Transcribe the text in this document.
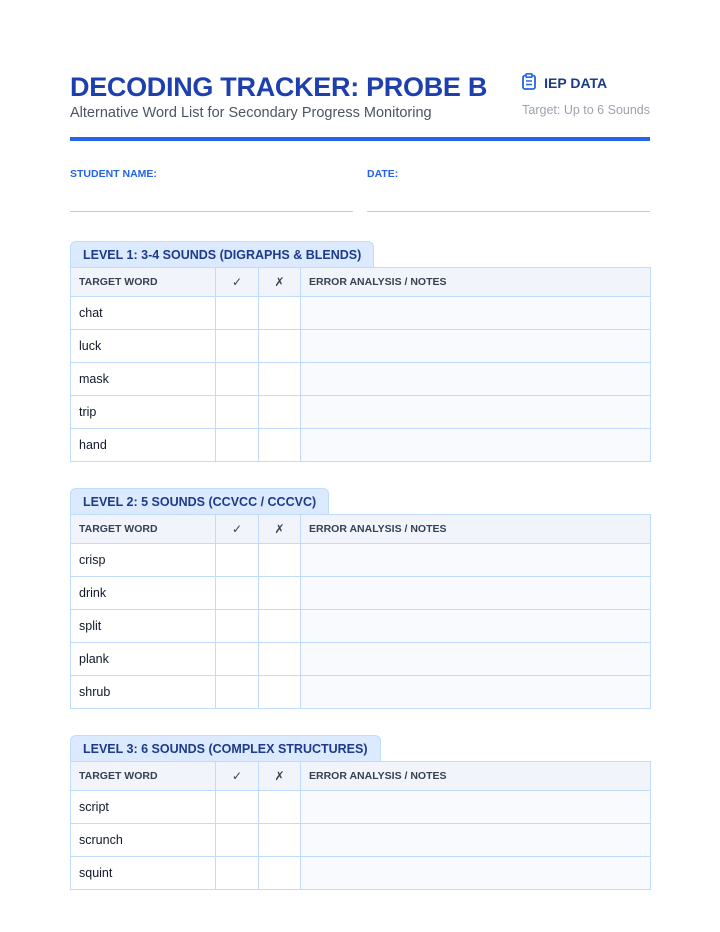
DECODING TRACKER: PROBE B
Alternative Word List for Secondary Progress Monitoring
IEP DATA
Target: Up to 6 Sounds
STUDENT NAME:	DATE:
LEVEL 1: 3-4 SOUNDS (DIGRAPHS & BLENDS)
TARGET WORD	✓	✗	ERROR ANALYSIS / NOTES
chat			
luck			
mask			
trip			
hand			
LEVEL 2: 5 SOUNDS (CCVCC / CCCVC)
TARGET WORD	✓	✗	ERROR ANALYSIS / NOTES
crisp			
drink			
split			
plank			
shrub			
LEVEL 3: 6 SOUNDS (COMPLEX STRUCTURES)
TARGET WORD	✓	✗	ERROR ANALYSIS / NOTES
script			
scrunch			
squint			
